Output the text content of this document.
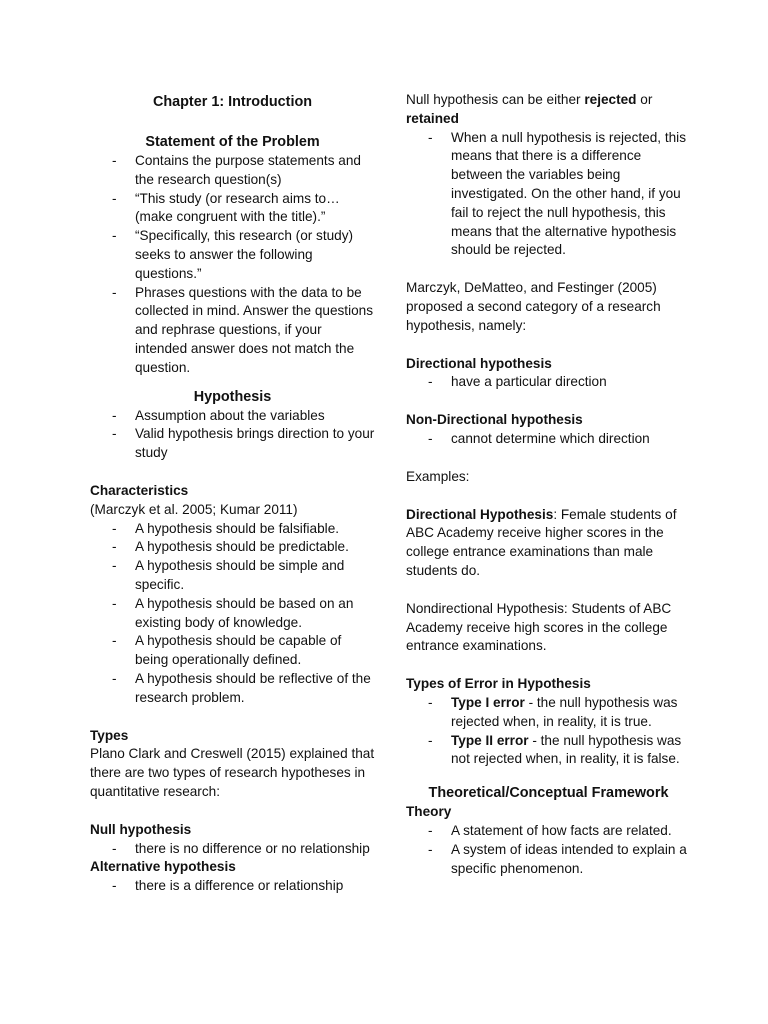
Chapter 1: Introduction

Statement of the Problem

- Contains the purpose statements and the research question(s)
- “This study (or research aims to…(make congruent with the title).”
- “Specifically, this research (or study) seeks to answer the following questions.”
- Phrases questions with the data to be collected in mind. Answer the questions and rephrase questions, if your intended answer does not match the question.

Hypothesis

- Assumption about the variables
- Valid hypothesis brings direction to your study

Characteristics

(Marczyk et al. 2005; Kumar 2011)

- A hypothesis should be falsifiable.
- A hypothesis should be predictable.
- A hypothesis should be simple and specific.
- A hypothesis should be based on an existing body of knowledge.
- A hypothesis should be capable of being operationally defined.
- A hypothesis should be reflective of the research problem.

Types

Plano Clark and Creswell (2015) explained that there are two types of research hypotheses in quantitative research:

Null hypothesis

- there is no difference or no relationship

Alternative hypothesis

- there is a difference or relationship

Null hypothesis can be either rejected or
retained

- When a null hypothesis is rejected, this means that there is a difference between the variables being investigated. On the other hand, if you fail to reject the null hypothesis, this means that the alternative hypothesis should be rejected.

Marczyk, DeMatteo, and Festinger (2005) proposed a second category of a research hypothesis, namely:

Directional hypothesis

- have a particular direction

Non-Directional hypothesis

- cannot determine which direction

Examples:

Directional Hypothesis: Female students of ABC Academy receive higher scores in the college entrance examinations than male students do.

Nondirectional Hypothesis: Students of ABC Academy receive high scores in the college entrance examinations.

Types of Error in Hypothesis

- Type I error - the null hypothesis was rejected when, in reality, it is true.
- Type II error - the null hypothesis was not rejected when, in reality, it is false.

Theoretical/Conceptual Framework

Theory

- A statement of how facts are related.
- A system of ideas intended to explain a specific phenomenon.
